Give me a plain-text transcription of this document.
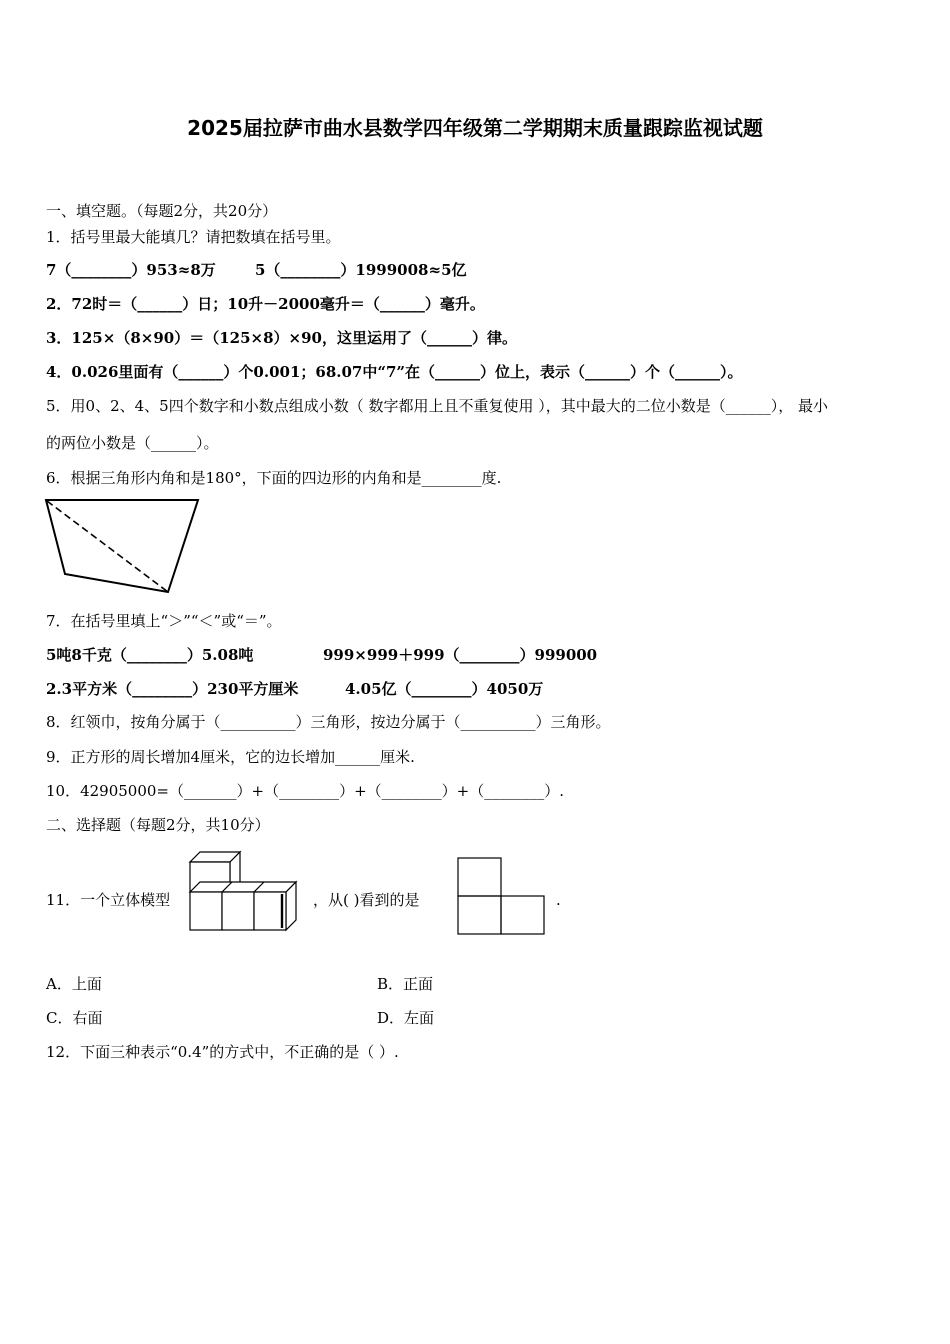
2025届拉萨市曲水县数学四年级第二学期期末质量跟踪监视试题
一、填空题。（每题2分，共20分）
1．括号里最大能填几？请把数填在括号里。
7（________）953≈8万	5（________）1999008≈5亿
2．72时＝（______）日；10升－2000毫升＝（______）毫升。
3．125×（8×90）＝（125×8）×90，这里运用了（______）律。
4．0.026里面有（______）个0.001；68.07中“7”在（______）位上，表示（______）个（______）。
5．用0、2、4、5四个数字和小数点组成小数（ 数字都用上且不重复使用 ），其中最大的二位小数是（______）， 最小
的两位小数是（______）。
6．根据三角形内角和是180°，下面的四边形的内角和是________度.
7．在括号里填上“＞”“＜”或“＝”。
5吨8千克（________）5.08吨	999×999＋999（________）999000
2.3平方米（________）230平方厘米	4.05亿（________）4050万
8．红领巾，按角分属于（__________）三角形，按边分属于（__________）三角形。
9．正方形的周长增加4厘米，它的边长增加______厘米.
10．42905000=（_______）+（________）+（________）+（________）.
二、选择题（每题2分，共10分）
11．一个立体模型	，从( )看到的是	.
A．上面	B．正面
C．右面	D．左面
12．下面三种表示“0.4”的方式中，不正确的是（ ）.
